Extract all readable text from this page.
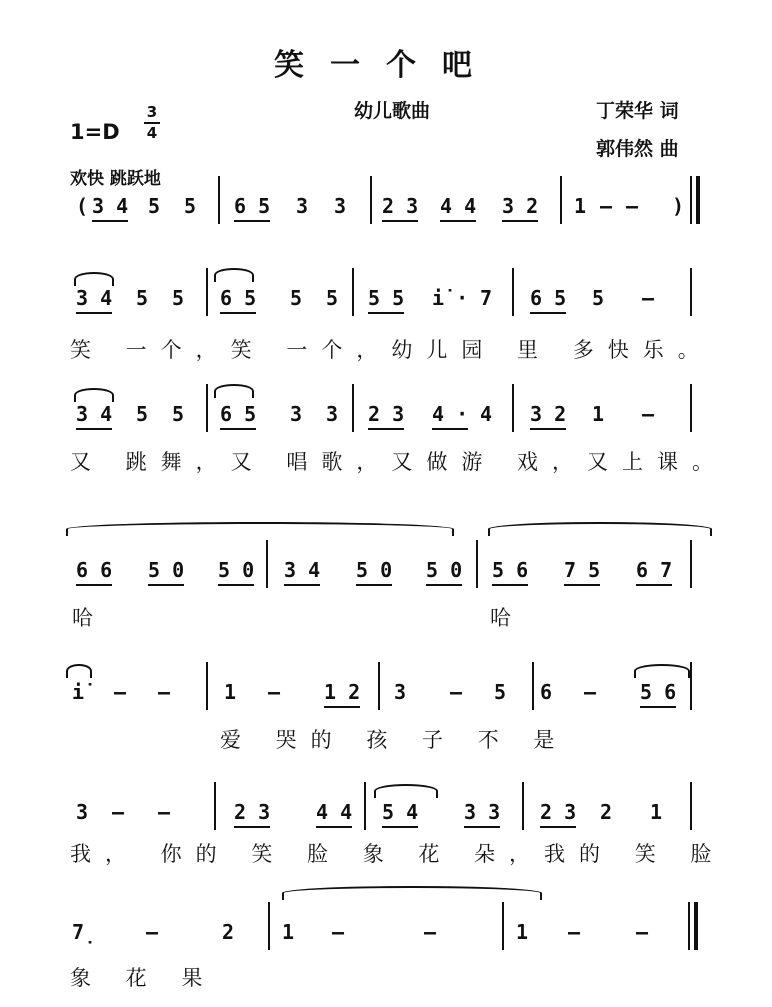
笑一个吧
幼儿歌曲	丁荣华 词
郭伟然 曲
1=D
3
4
欢快 跳跃地
( 3 4 5 5 6 5 3 3 2 3 4 4 3 2 1 – – )
3 4 5 5 6 5 5 5 5 5 i̇ · 7 6 5 5 –
笑 一个，笑 一个，幼儿园 里 多快乐。
3 4 5 5 6 5 3 3 2 3 4 · 4 3 2 1 –
又 跳舞，又 唱歌，又做游 戏，又上课。
6 6 5 0 5 0 3 4 5 0 5 0 5 6 7 5 6 7
哈	哈
i̇ – –	1 – 1 2 3 – 5 6 – 5 6
爱 哭的 孩 子 不 是
3 – –	2 3 4 4 5 4 3 3 2 3 2 1
我， 你的 笑 脸 象 花 朵，我的 笑 脸
7̣ –	2 1 –	–	1 –	–
象 花 果
